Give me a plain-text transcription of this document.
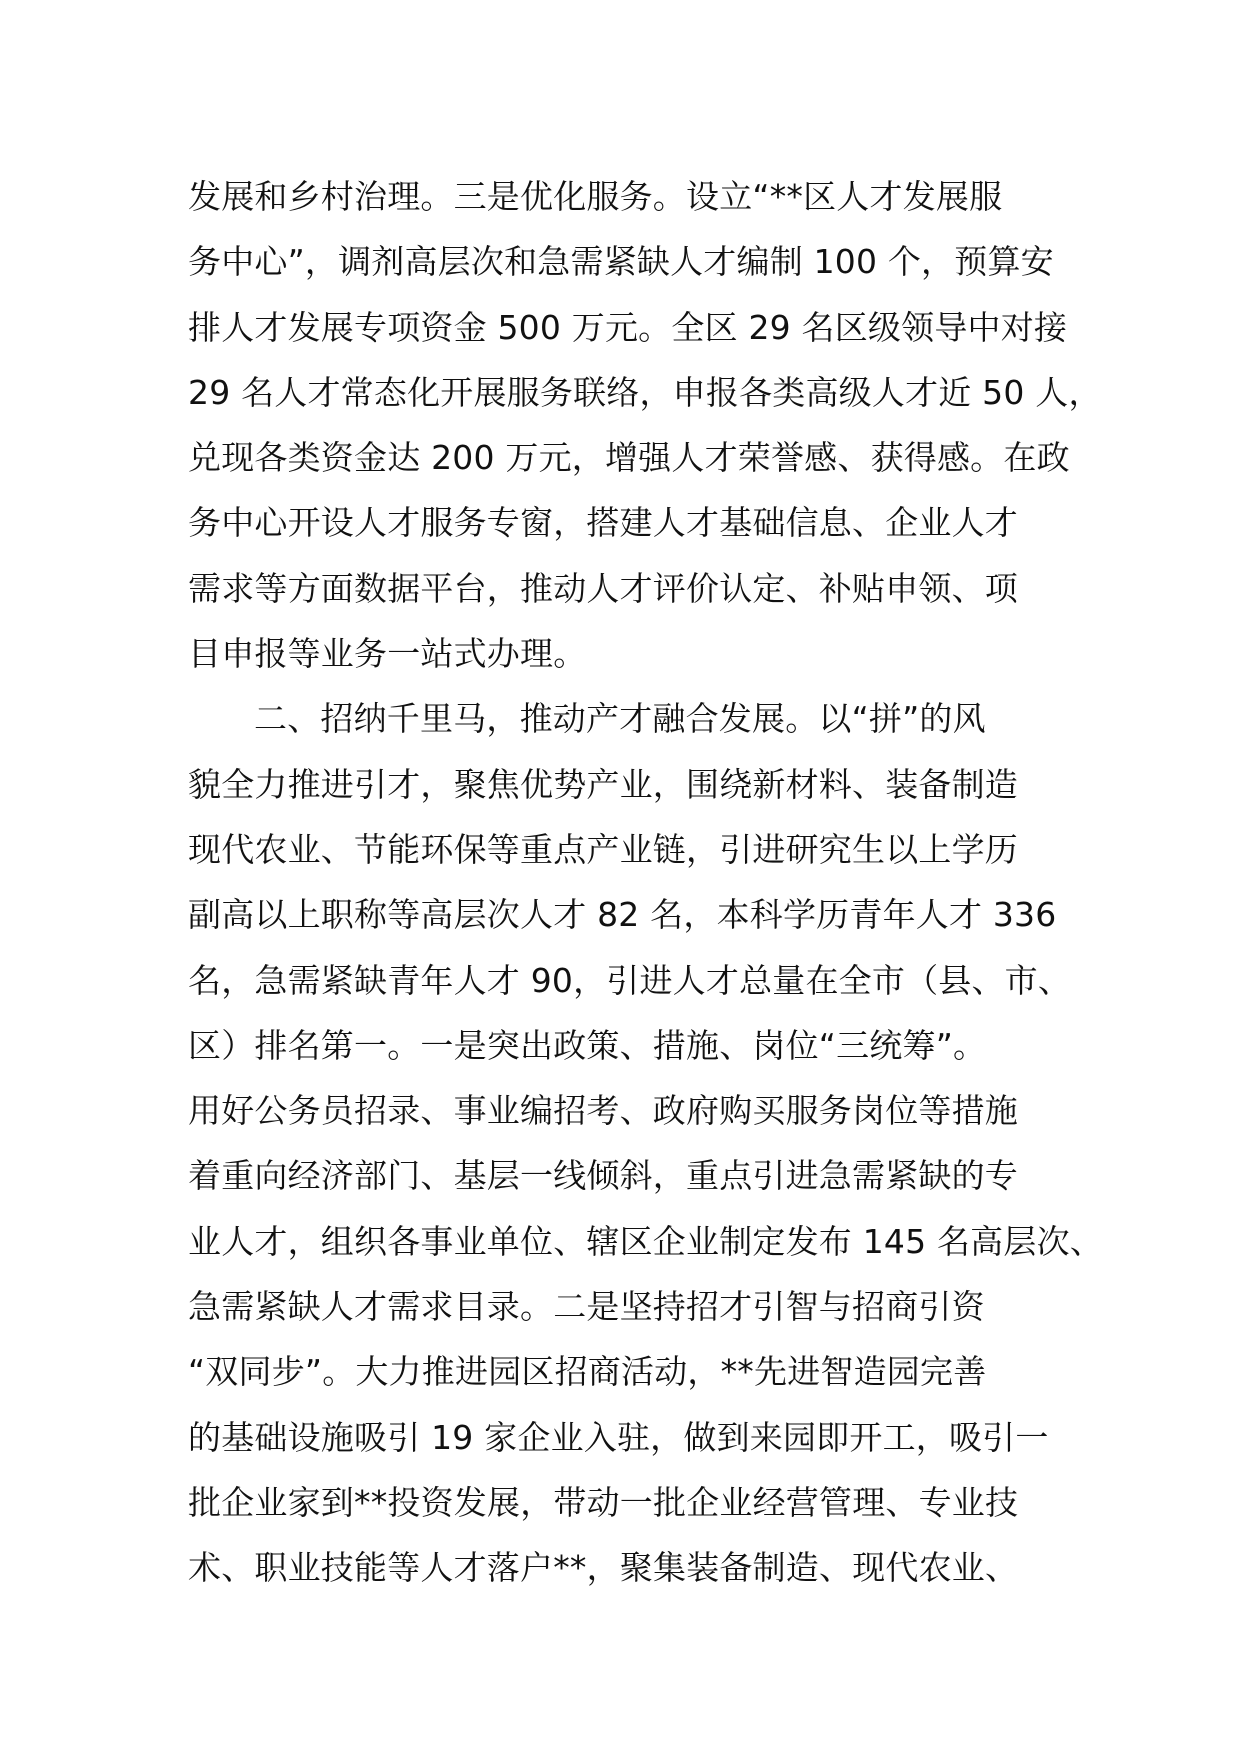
发展和乡村治理。三是优化服务。设立“**区人才发展服
务中心”，调剂高层次和急需紧缺人才编制 100 个，预算安
排人才发展专项资金 500 万元。全区 29 名区级领导中对接
29 名人才常态化开展服务联络，申报各类高级人才近 50 人，
兑现各类资金达 200 万元，增强人才荣誉感、获得感。在政
务中心开设人才服务专窗，搭建人才基础信息、企业人才
需求等方面数据平台，推动人才评价认定、补贴申领、项
目申报等业务一站式办理。
二、招纳千里马，推动产才融合发展。以“拼”的风
貌全力推进引才，聚焦优势产业，围绕新材料、装备制造
现代农业、节能环保等重点产业链，引进研究生以上学历
副高以上职称等高层次人才 82 名，本科学历青年人才 336
名，急需紧缺青年人才 90，引进人才总量在全市（县、市、
区）排名第一。一是突出政策、措施、岗位“三统筹”。
用好公务员招录、事业编招考、政府购买服务岗位等措施
着重向经济部门、基层一线倾斜，重点引进急需紧缺的专
业人才，组织各事业单位、辖区企业制定发布 145 名高层次、
急需紧缺人才需求目录。二是坚持招才引智与招商引资
“双同步”。大力推进园区招商活动，**先进智造园完善
的基础设施吸引 19 家企业入驻，做到来园即开工，吸引一
批企业家到**投资发展，带动一批企业经营管理、专业技
术、职业技能等人才落户**，聚集装备制造、现代农业、
